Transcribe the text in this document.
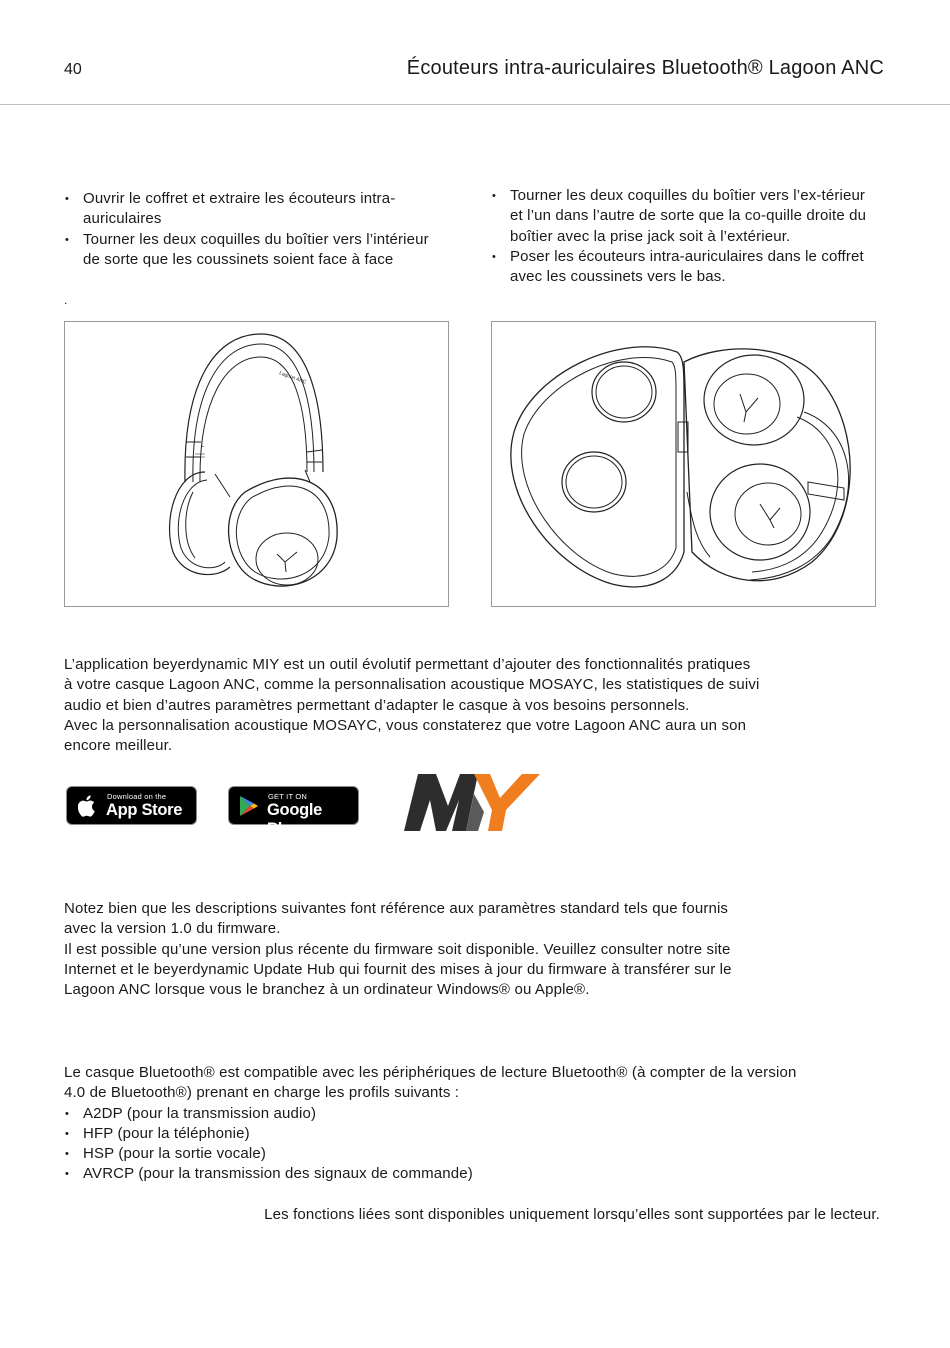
40	Écouteurs intra-auriculaires Bluetooth® Lagoon ANC
• Ouvrir le coffret et extraire les écouteurs intra-auriculaires
• Tourner les deux coquilles du boîtier vers l’intérieur de sorte que les coussinets soient face à face
.
• Tourner les deux coquilles du boîtier vers l’ex-térieur et l’un dans l’autre de sorte que la co-quille droite du boîtier avec la prise jack soit à l’extérieur.
• Poser les écouteurs intra-auriculaires dans le coffret avec les coussinets vers le bas.
Lagoon ANC
L
L’application beyerdynamic MIY est un outil évolutif permettant d’ajouter des fonctionnalités pratiques
à votre casque Lagoon ANC, comme la personnalisation acoustique MOSAYC, les statistiques de suivi
audio et bien d’autres paramètres permettant d’adapter le casque à vos besoins personnels.
Avec la personnalisation acoustique MOSAYC, vous constaterez que votre Lagoon ANC aura un son
encore meilleur.
Download on the
App Store
GET IT ON
Google Play
Notez bien que les descriptions suivantes font référence aux paramètres standard tels que fournis
avec la version 1.0 du firmware.
Il est possible qu’une version plus récente du firmware soit disponible. Veuillez consulter notre site
Internet et le beyerdynamic Update Hub qui fournit des mises à jour du firmware à transférer sur le
Lagoon ANC lorsque vous le branchez à un ordinateur Windows® ou Apple®.
Le casque Bluetooth® est compatible avec les périphériques de lecture Bluetooth® (à compter de la version
4.0 de Bluetooth®) prenant en charge les profils suivants :
• A2DP (pour la transmission audio)
• HFP (pour la téléphonie)
• HSP (pour la sortie vocale)
• AVRCP (pour la transmission des signaux de commande)
Les fonctions liées sont disponibles uniquement lorsqu’elles sont supportées par le lecteur.
